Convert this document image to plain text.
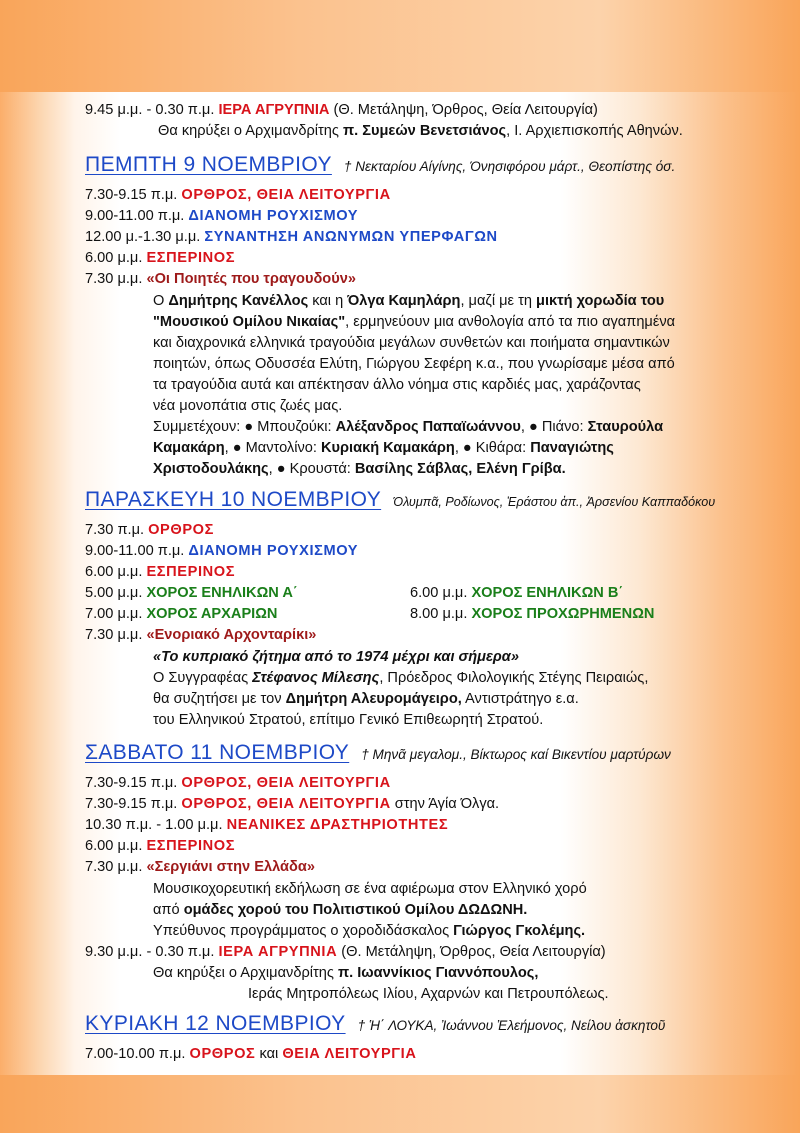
9.45 μ.μ. - 0.30 π.μ. ΙΕΡΑ ΑΓΡΥΠΝΙΑ (Θ. Μετάληψη, Όρθρος, Θεία Λειτουργία)
Θα κηρύξει ο Αρχιμανδρίτης π. Συμεών Βενετσιάνος, Ι. Αρχιεπισκοπής Αθηνών.
ΠΕΜΠΤΗ 9 ΝΟΕΜΒΡΙΟΥ † Νεκταρίου Αίγίνης, Όνησιφόρου μάρτ., Θεοπίστης όσ.
7.30-9.15 π.μ. ΟΡΘΡΟΣ, ΘΕΙΑ ΛΕΙΤΟΥΡΓΙΑ
9.00-11.00 π.μ. ΔΙΑΝΟΜΗ ΡΟΥΧΙΣΜΟΥ
12.00 μ.-1.30 μ.μ. ΣΥΝΑΝΤΗΣΗ ΑΝΩΝΥΜΩΝ ΥΠΕΡΦΑΓΩΝ
6.00 μ.μ. ΕΣΠΕΡΙΝΟΣ
7.30 μ.μ. «Οι Ποιητές που τραγουδούν»
Ο Δημήτρης Κανέλλος και η Όλγα Καμηλάρη, μαζί με τη μικτή χορωδία του
"Μουσικού Ομίλου Νικαίας", ερμηνεύουν μια ανθολογία από τα πιο αγαπημένα
και διαχρονικά ελληνικά τραγούδια μεγάλων συνθετών και ποιήματα σημαντικών
ποιητών, όπως Οδυσσέα Ελύτη, Γιώργου Σεφέρη κ.α., που γνωρίσαμε μέσα από
τα τραγούδια αυτά και απέκτησαν άλλο νόημα στις καρδιές μας, χαράζοντας
νέα μονοπάτια στις ζωές μας.
Συμμετέχουν: ● Μπουζούκι: Αλέξανδρος Παπαϊωάννου, ● Πιάνο: Σταυρούλα
Καμακάρη, ● Μαντολίνο: Κυριακή Καμακάρη, ● Κιθάρα: Παναγιώτης
Χριστοδουλάκης, ● Κρουστά: Βασίλης Σάβλας, Ελένη Γρίβα.
ΠΑΡΑΣΚΕΥΗ 10 ΝΟΕΜΒΡΙΟΥ Όλυμπᾶ, Ροδίωνος, Ἐράστου ἀπ., Ἀρσενίου Καππαδόκου
7.30 π.μ. ΟΡΘΡΟΣ
9.00-11.00 π.μ. ΔΙΑΝΟΜΗ ΡΟΥΧΙΣΜΟΥ
6.00 μ.μ. ΕΣΠΕΡΙΝΟΣ
5.00 μ.μ. ΧΟΡΟΣ ΕΝΗΛΙΚΩΝ Α΄	6.00 μ.μ. ΧΟΡΟΣ ΕΝΗΛΙΚΩΝ Β΄
7.00 μ.μ. ΧΟΡΟΣ ΑΡΧΑΡΙΩΝ	8.00 μ.μ. ΧΟΡΟΣ ΠΡΟΧΩΡΗΜΕΝΩΝ
7.30 μ.μ. «Ενοριακό Αρχονταρίκι»
«Το κυπριακό ζήτημα από το 1974 μέχρι και σήμερα»
Ο Συγγραφέας Στέφανος Μίλεσης, Πρόεδρος Φιλολογικής Στέγης Πειραιώς,
θα συζητήσει με τον Δημήτρη Αλευρομάγειρο, Αντιστράτηγο ε.α.
του Ελληνικού Στρατού, επίτιμο Γενικό Επιθεωρητή Στρατού.
ΣΑΒΒΑΤΟ 11 ΝΟΕΜΒΡΙΟΥ † Μηνᾶ μεγαλομ., Βίκτωρος καί Βικεντίου μαρτύρων
7.30-9.15 π.μ. ΟΡΘΡΟΣ, ΘΕΙΑ ΛΕΙΤΟΥΡΓΙΑ
7.30-9.15 π.μ. ΟΡΘΡΟΣ, ΘΕΙΑ ΛΕΙΤΟΥΡΓΙΑ στην Άγία Όλγα.
10.30 π.μ. - 1.00 μ.μ. ΝΕΑΝΙΚΕΣ ΔΡΑΣΤΗΡΙΟΤΗΤΕΣ
6.00 μ.μ. ΕΣΠΕΡΙΝΟΣ
7.30 μ.μ. «Σεργιάνι στην Ελλάδα»
Μουσικοχορευτική εκδήλωση σε ένα αφιέρωμα στον Ελληνικό χορό
από ομάδες χορού του Πολιτιστικού Ομίλου ΔΩΔΩΝΗ.
Υπεύθυνος προγράμματος ο χοροδιδάσκαλος Γιώργος Γκολέμης.
9.30 μ.μ. - 0.30 π.μ. ΙΕΡΑ ΑΓΡΥΠΝΙΑ (Θ. Μετάληψη, Όρθρος, Θεία Λειτουργία)
Θα κηρύξει ο Αρχιμανδρίτης π. Ιωαννίκιος Γιαννόπουλος,
Ιεράς Μητροπόλεως Ιλίου, Αχαρνών και Πετρουπόλεως.
ΚΥΡΙΑΚΗ 12 ΝΟΕΜΒΡΙΟΥ † Ἡ΄ ΛΟΥΚΑ, Ἰωάννου Ἐλεήμονος, Νείλου ἀσκητοῦ
7.00-10.00 π.μ. ΟΡΘΡΟΣ και ΘΕΙΑ ΛΕΙΤΟΥΡΓΙΑ
